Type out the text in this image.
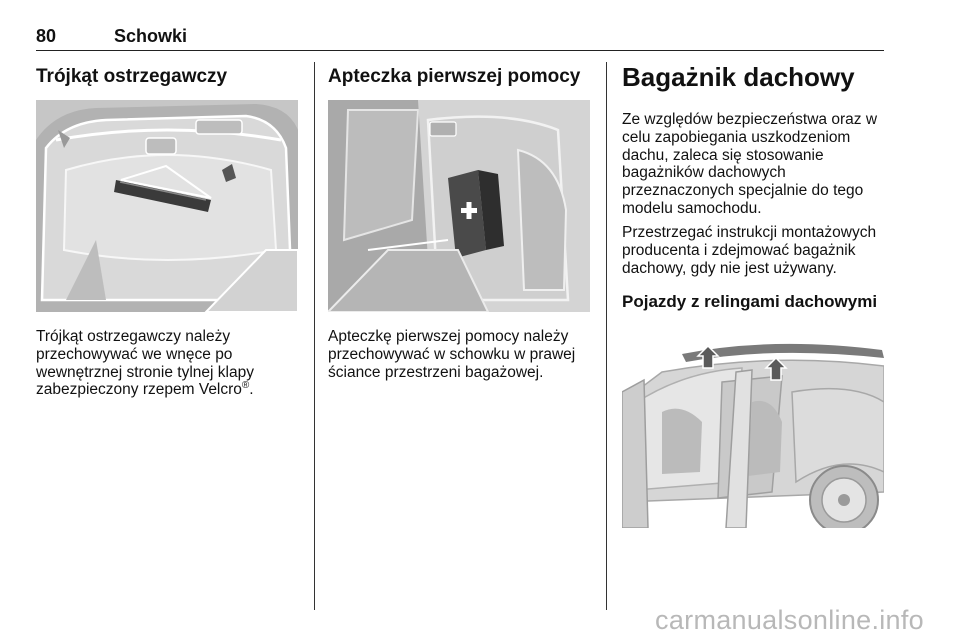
80	Schowki
Trójkąt ostrzegawczy

Trójkąt ostrzegawczy należy przechowywać we wnęce po wewnętrznej stronie tylnej klapy zabezpieczony rzepem Velcro®.

Apteczka pierwszej pomocy

Apteczkę pierwszej pomocy należy przechowywać w schowku w prawej ściance przestrzeni bagażowej.

Bagażnik dachowy

Ze względów bezpieczeństwa oraz w celu zapobiegania uszkodzeniom dachu, zaleca się stosowanie bagażników dachowych przeznaczonych specjalnie do tego modelu samochodu.

Przestrzegać instrukcji montażowych producenta i zdejmować bagażnik dachowy, gdy nie jest używany.

Pojazdy z relingami dachowymi
carmanualsonline.info
